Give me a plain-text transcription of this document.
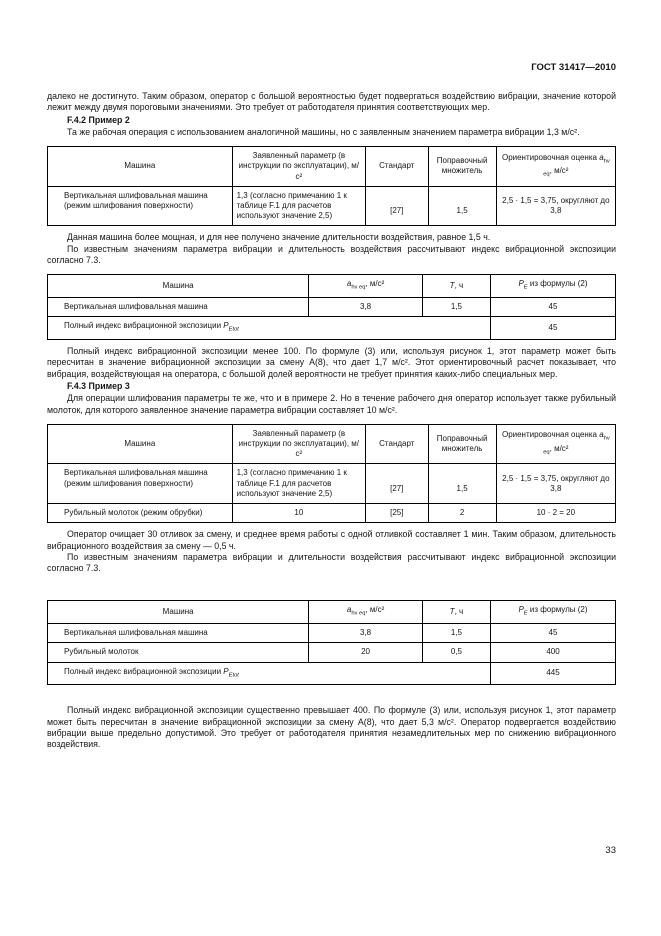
ГОСТ 31417—2010

далеко не достигнуто. Таким образом, оператор с большой вероятностью будет подвергаться воздействию вибрации, значение которой лежит между двумя пороговыми значениями. Это требует от работодателя принятия соответствующих мер.

F.4.2 Пример 2

Та же рабочая операция с использованием аналогичной машины, но с заявленным значением параметра вибрации 1,3 м/с².

Машина	Заявленный параметр (в инструкции по эксплуатации), м/с²	Стандарт	Поправочный множитель	Ориентировочная оценка $a_{hv eq}$, м/с²
Вертикальная шлифовальная машина (режим шлифования поверхности)	1,3 (согласно примечанию 1 к таблице F.1 для расчетов используют значение 2,5)	[27]	1,5	2,5 · 1,5 = 3,75, округляют до 3,8

Данная машина более мощная, и для нее получено значение длительности воздействия, равное 1,5 ч.

По известным значениям параметра вибрации и длительность воздействия рассчитывают индекс вибрационной экспозиции согласно 7.3.

Машина	$a_{hv eq}$, м/с²	T, ч	$P_E$ из формулы (2)
Вертикальная шлифовальная машина	3,8	1,5	45
Полный индекс вибрационной экспозиции $P_{Etot}$			45

Полный индекс вибрационной экспозиции менее 100. По формуле (3) или, используя рисунок 1, этот параметр может быть пересчитан в значение вибрационной экспозиции за смену A(8), что дает 1,7 м/с². Этот ориентировочный расчет показывает, что вибрация, воздействующая на оператора, с большой долей вероятности не требует принятия каких-либо специальных мер.

F.4.3 Пример 3

Для операции шлифования параметры те же, что и в примере 2. Но в течение рабочего дня оператор использует также рубильный молоток, для которого заявленное значение параметра вибрации составляет 10 м/с².

Машина	Заявленный параметр (в инструкции по эксплуатации), м/с²	Стандарт	Поправочный множитель	Ориентировочная оценка $a_{hv eq}$, м/с²
Вертикальная шлифовальная машина (режим шлифования поверхности)	1,3 (согласно примечанию 1 к таблице F.1 для расчетов используют значение 2,5)	[27]	1,5	2,5 · 1,5 = 3,75, округляют до 3,8
Рубильный молоток (режим обрубки)	10	[25]	2	10 · 2 = 20

Оператор очищает 30 отливок за смену, и среднее время работы с одной отливкой составляет 1 мин. Таким образом, длительность вибрационного воздействия за смену — 0,5 ч.

По известным значениям параметра вибрации и длительности воздействия рассчитывают индекс вибрационной экспозиции согласно 7.3.

Машина	$a_{hv eq}$, м/с²	T, ч	$P_E$ из формулы (2)
Вертикальная шлифовальная машина	3,8	1,5	45
Рубильный молоток	20	0,5	400
Полный индекс вибрационной экспозиции $P_{Etot}$			445

Полный индекс вибрационной экспозиции существенно превышает 400. По формуле (3) или, используя рисунок 1, этот параметр может быть пересчитан в значение вибрационной экспозиции за смену A(8), что дает 5,3 м/с². Оператор подвергается воздействию вибрации выше предельно допустимой. Это требует от работодателя принятия незамедлительных мер по снижению вибрационного воздействия.

33
